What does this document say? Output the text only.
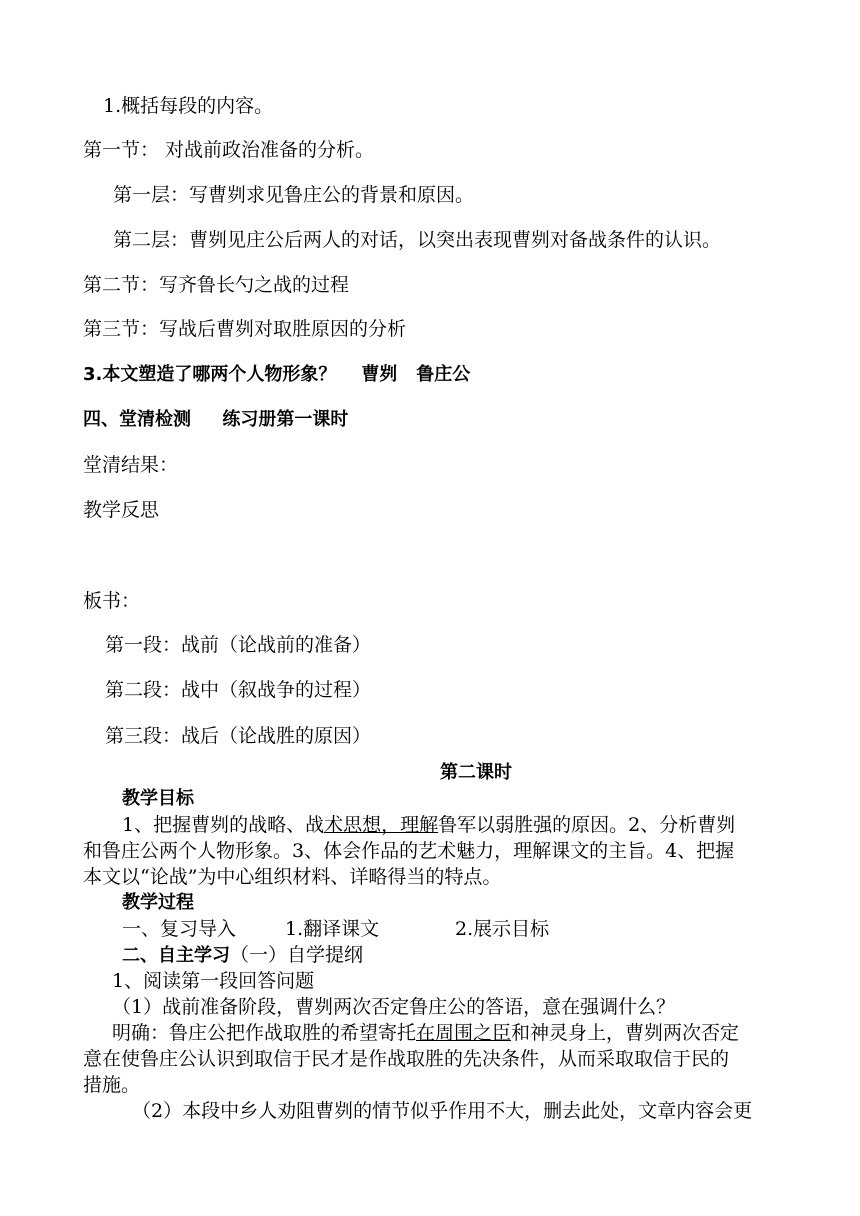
1.概括每段的内容。
第一节： 对战前政治准备的分析。
第一层：写曹刿求见鲁庄公的背景和原因。
第二层：曹刿见庄公后两人的对话，以突出表现曹刿对备战条件的认识。
第二节：写齐鲁长勺之战的过程
第三节：写战后曹刿对取胜原因的分析
3.本文塑造了哪两个人物形象？    曹刿   鲁庄公
四、堂清检测     练习册第一课时
堂清结果：
教学反思
板书：
第一段：战前（论战前的准备）
第二段：战中（叙战争的过程）
第三段：战后（论战胜的原因）
第二课时
教学目标
1、把握曹刿的战略、战术思想，理解鲁军以弱胜强的原因。2、分析曹刿
和鲁庄公两个人物形象。3、体会作品的艺术魅力，理解课文的主旨。4、把握
本文以“论战”为中心组织材料、详略得当的特点。
教学过程
一、复习导入	1.翻译课文	2.展示目标
二、自主学习（一）自学提纲
1、阅读第一段回答问题
（1）战前准备阶段，曹刿两次否定鲁庄公的答语，意在强调什么？
明确：鲁庄公把作战取胜的希望寄托在周围之臣和神灵身上，曹刿两次否定
意在使鲁庄公认识到取信于民才是作战取胜的先决条件，从而采取取信于民的
措施。
（2）本段中乡人劝阻曹刿的情节似乎作用不大，删去此处，文章内容会更
